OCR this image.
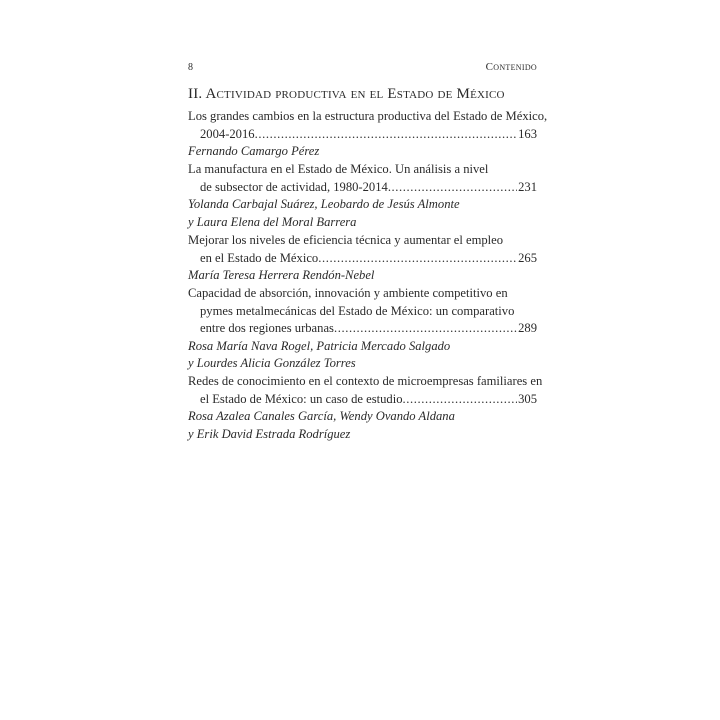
8	Contenido
II. Actividad productiva en el Estado de México
Los grandes cambios en la estructura productiva del Estado de México,
2004-2016 .....	163
Fernando Camargo Pérez
La manufactura en el Estado de México. Un análisis a nivel
de subsector de actividad, 1980-2014 .....	231
Yolanda Carbajal Suárez, Leobardo de Jesús Almonte
y Laura Elena del Moral Barrera
Mejorar los niveles de eficiencia técnica y aumentar el empleo
en el Estado de México .....	265
María Teresa Herrera Rendón-Nebel
Capacidad de absorción, innovación y ambiente competitivo en
pymes metalmecánicas del Estado de México: un comparativo
entre dos regiones urbanas .....	289
Rosa María Nava Rogel, Patricia Mercado Salgado
y Lourdes Alicia González Torres
Redes de conocimiento en el contexto de microempresas familiares en
el Estado de México: un caso de estudio .....	305
Rosa Azalea Canales García, Wendy Ovando Aldana
y Erik David Estrada Rodríguez
